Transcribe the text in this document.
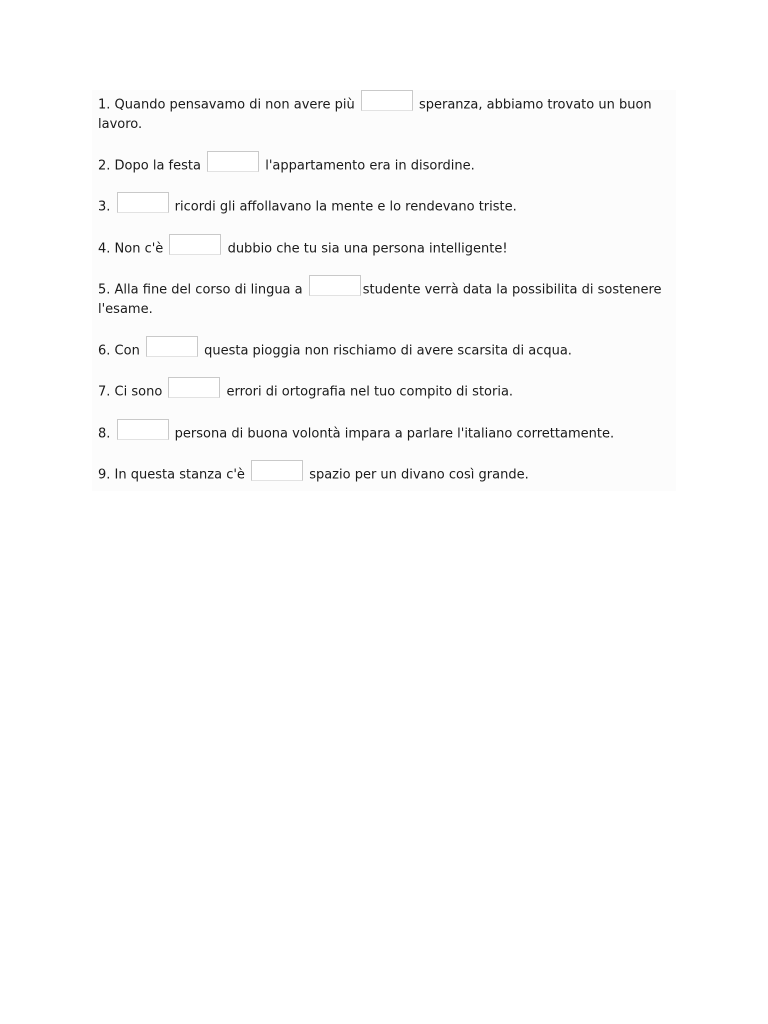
1. Quando pensavamo di non avere più	speranza, abbiamo trovato un buon lavoro.

2. Dopo la festa	l'appartamento era in disordine.

3.	ricordi gli affollavano la mente e lo rendevano triste.

4. Non c'è	dubbio che tu sia una persona intelligente!

5. Alla fine del corso di lingua a	studente verrà data la possibilita di sostenere l'esame.

6. Con	questa pioggia non rischiamo di avere scarsita di acqua.

7. Ci sono	errori di ortografia nel tuo compito di storia.

8.	persona di buona volontà impara a parlare l'italiano correttamente.

9. In questa stanza c'è	spazio per un divano così grande.
